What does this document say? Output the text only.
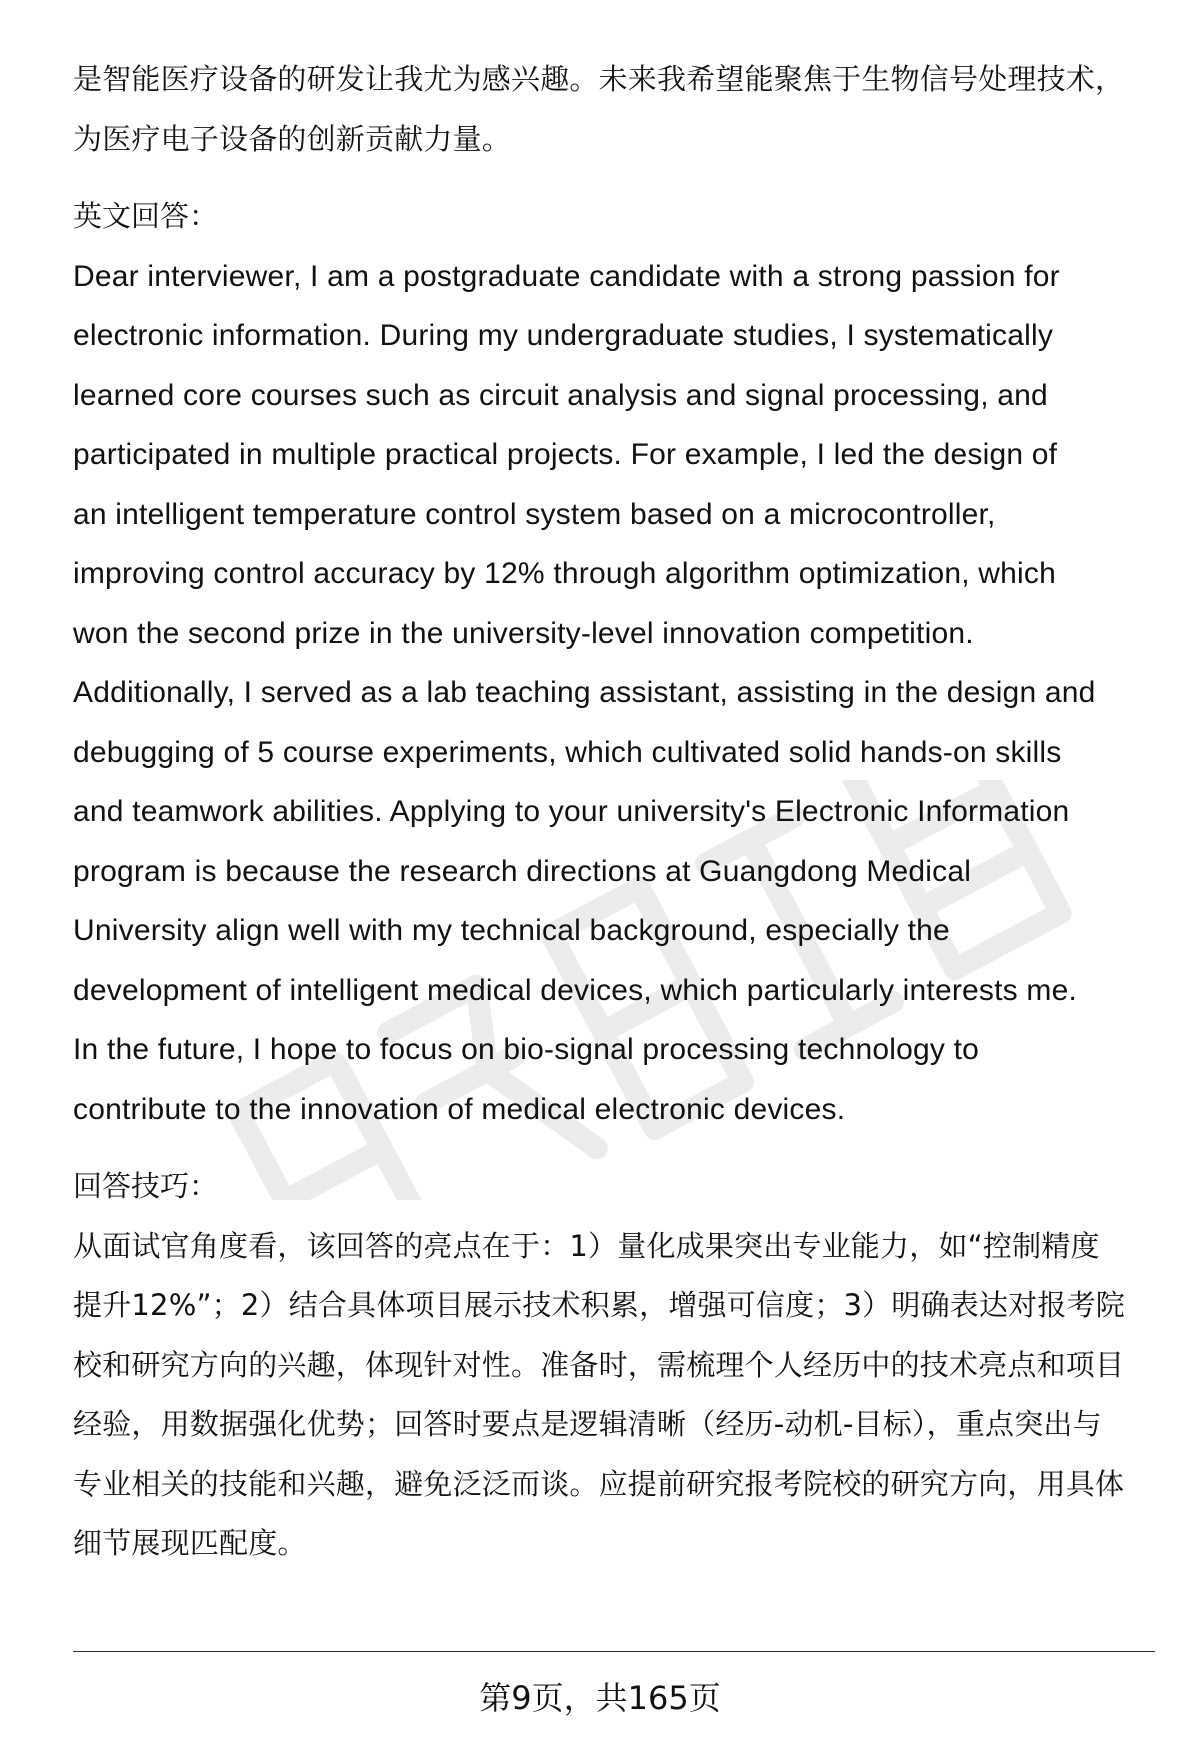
是智能医疗设备的研发让我尤为感兴趣。未来我希望能聚焦于生物信号处理技术，
为医疗电子设备的创新贡献力量。

英文回答：

Dear interviewer, I am a postgraduate candidate with a strong passion for
electronic information. During my undergraduate studies, I systematically
learned core courses such as circuit analysis and signal processing, and
participated in multiple practical projects. For example, I led the design of
an intelligent temperature control system based on a microcontroller,
improving control accuracy by 12% through algorithm optimization, which
won the second prize in the university-level innovation competition.
Additionally, I served as a lab teaching assistant, assisting in the design and
debugging of 5 course experiments, which cultivated solid hands-on skills
and teamwork abilities. Applying to your university's Electronic Information
program is because the research directions at Guangdong Medical
University align well with my technical background, especially the
development of intelligent medical devices, which particularly interests me.
In the future, I hope to focus on bio-signal processing technology to
contribute to the innovation of medical electronic devices.

回答技巧：

从面试官角度看，该回答的亮点在于：1）量化成果突出专业能力，如“控制精度
提升12%”；2）结合具体项目展示技术积累，增强可信度；3）明确表达对报考院
校和研究方向的兴趣，体现针对性。准备时，需梳理个人经历中的技术亮点和项目
经验，用数据强化优势；回答时要点是逻辑清晰（经历-动机-目标），重点突出与
专业相关的技能和兴趣，避免泛泛而谈。应提前研究报考院校的研究方向，用具体
细节展现匹配度。

第9页，共165页
